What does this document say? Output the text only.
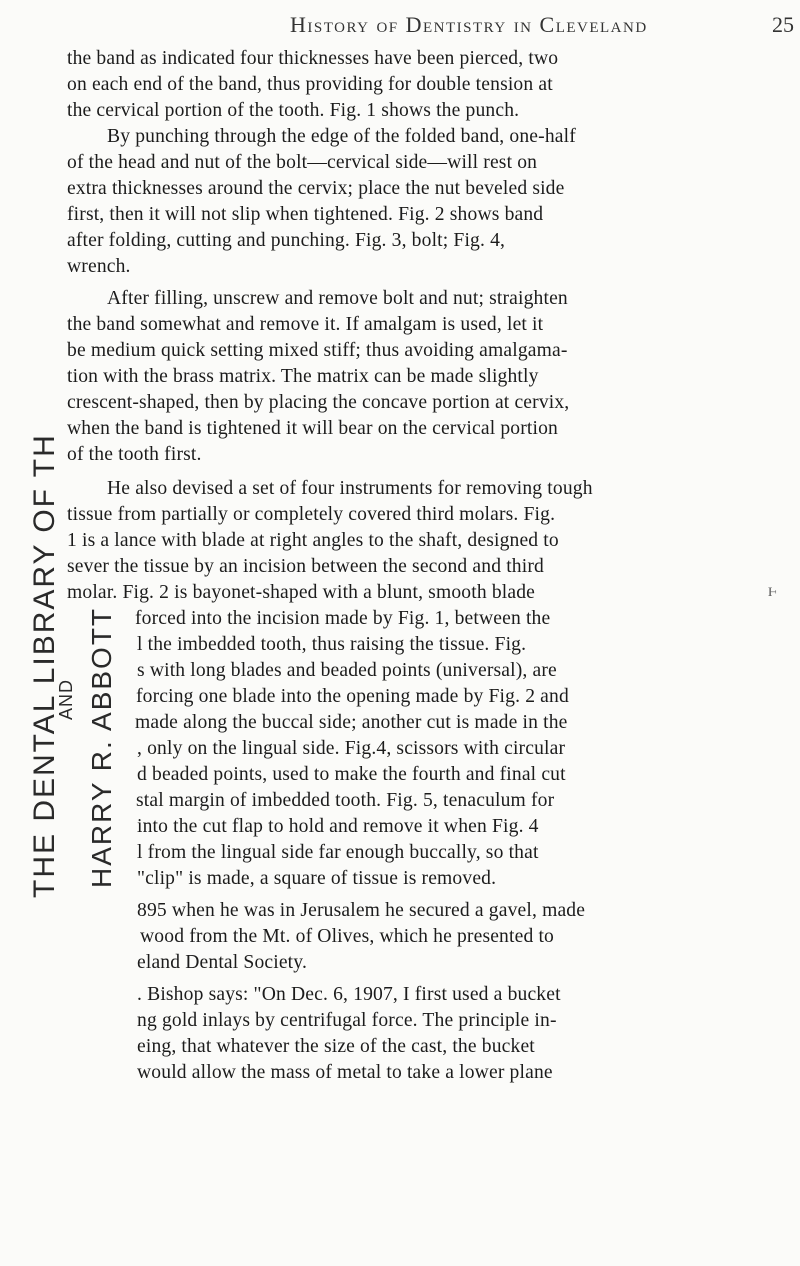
History of Dentistry in Cleveland	25
the band as indicated four thicknesses have been pierced, two
on each end of the band, thus providing for double tension at
the cervical portion of the tooth. Fig. 1 shows the punch.
By punching through the edge of the folded band, one-half
of the head and nut of the bolt—cervical side—will rest on
extra thicknesses around the cervix; place the nut beveled side
first, then it will not slip when tightened. Fig. 2 shows band
after folding, cutting and punching. Fig. 3, bolt; Fig. 4,
wrench.
After filling, unscrew and remove bolt and nut; straighten
the band somewhat and remove it. If amalgam is used, let it
be medium quick setting mixed stiff; thus avoiding amalgama-
tion with the brass matrix. The matrix can be made slightly
crescent-shaped, then by placing the concave portion at cervix,
when the band is tightened it will bear on the cervical portion
of the tooth first.
He also devised a set of four instruments for removing tough
tissue from partially or completely covered third molars. Fig.
1 is a lance with blade at right angles to the shaft, designed to
sever the tissue by an incision between the second and third
molar. Fig. 2 is bayonet-shaped with a blunt, smooth blade
forced into the incision made by Fig. 1, between the
l the imbedded tooth, thus raising the tissue. Fig.
s with long blades and beaded points (universal), are
forcing one blade into the opening made by Fig. 2 and
made along the buccal side; another cut is made in the
, only on the lingual side. Fig.4, scissors with circular
d beaded points, used to make the fourth and final cut
stal margin of imbedded tooth. Fig. 5, tenaculum for
into the cut flap to hold and remove it when Fig. 4
l from the lingual side far enough buccally, so that
"clip" is made, a square of tissue is removed.
895 when he was in Jerusalem he secured a gavel, made
wood from the Mt. of Olives, which he presented to
eland Dental Society.
. Bishop says: "On Dec. 6, 1907, I first used a bucket
ng gold inlays by centrifugal force. The principle in-
eing, that whatever the size of the cast, the bucket
would allow the mass of metal to take a lower plane
THE DENTAL LIBRARY OF TH HARRY R. ABBOTT
AND
ⱶ
